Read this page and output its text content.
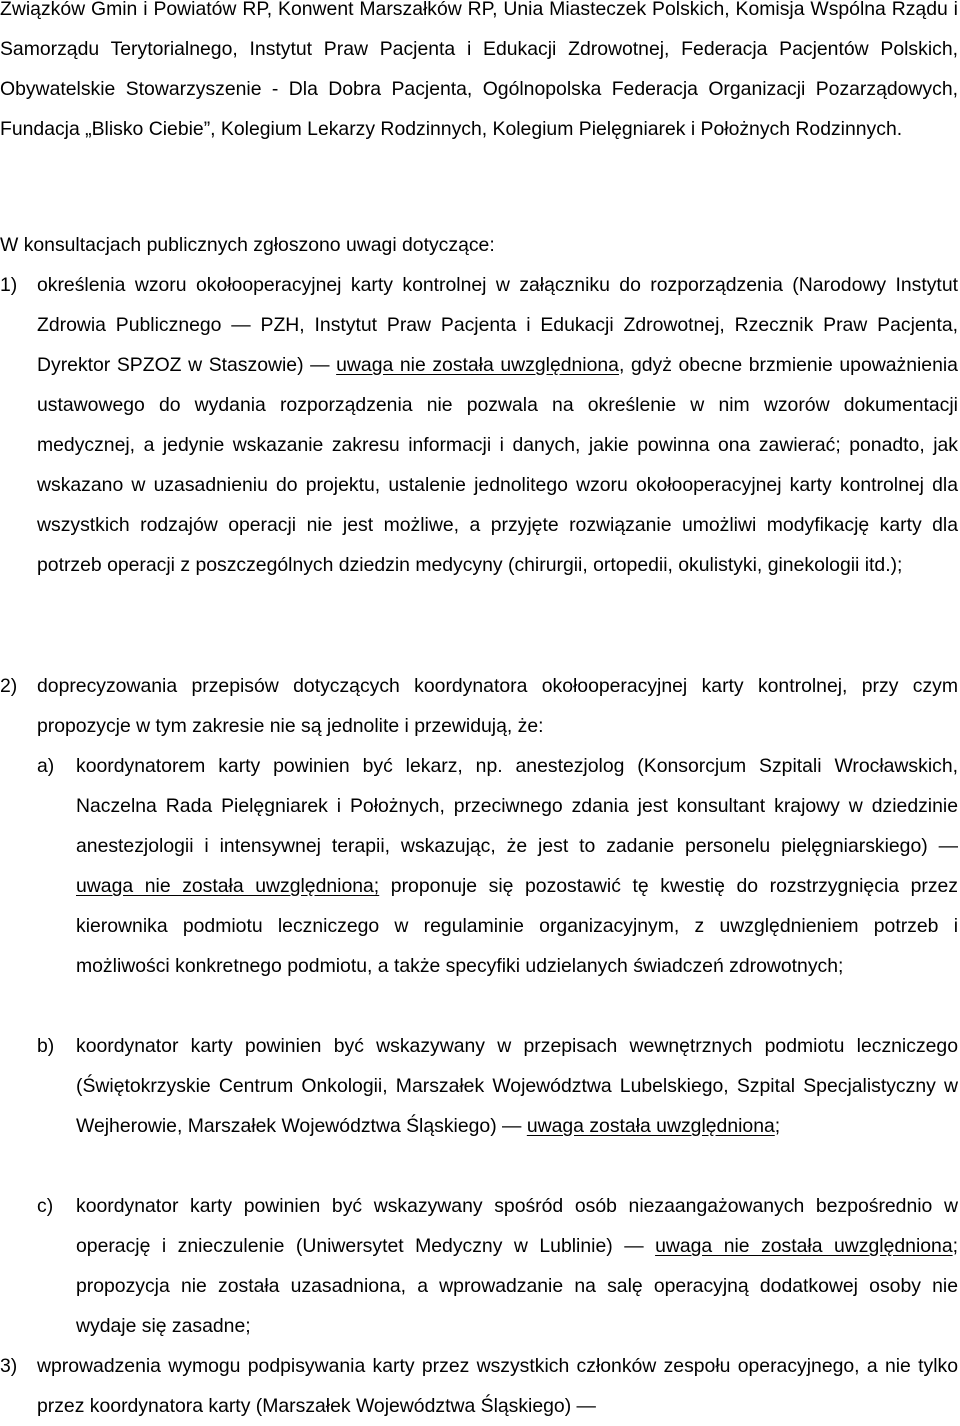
Związków Gmin i Powiatów RP, Konwent Marszałków RP, Unia Miasteczek Polskich, Komisja Wspólna Rządu i Samorządu Terytorialnego, Instytut Praw Pacjenta i Edukacji Zdrowotnej, Federacja Pacjentów Polskich, Obywatelskie Stowarzyszenie - Dla Dobra Pacjenta, Ogólnopolska Federacja Organizacji Pozarządowych, Fundacja „Blisko Ciebie”, Kolegium Lekarzy Rodzinnych, Kolegium Pielęgniarek i Położnych Rodzinnych.

W konsultacjach publicznych zgłoszono uwagi dotyczące:

1) określenia wzoru okołooperacyjnej karty kontrolnej w załączniku do rozporządzenia (Narodowy Instytut Zdrowia Publicznego — PZH, Instytut Praw Pacjenta i Edukacji Zdrowotnej, Rzecznik Praw Pacjenta, Dyrektor SPZOZ w Staszowie) — uwaga nie została uwzględniona, gdyż obecne brzmienie upoważnienia ustawowego do wydania rozporządzenia nie pozwala na określenie w nim wzorów dokumentacji medycznej, a jedynie wskazanie zakresu informacji i danych, jakie powinna ona zawierać; ponadto, jak wskazano w uzasadnieniu do projektu, ustalenie jednolitego wzoru okołooperacyjnej karty kontrolnej dla wszystkich rodzajów operacji nie jest możliwe, a przyjęte rozwiązanie umożliwi modyfikację karty dla potrzeb operacji z poszczególnych dziedzin medycyny (chirurgii, ortopedii, okulistyki, ginekologii itd.);
2) doprecyzowania przepisów dotyczących koordynatora okołooperacyjnej karty kontrolnej, przy czym propozycje w tym zakresie nie są jednolite i przewidują, że:
a) koordynatorem karty powinien być lekarz, np. anestezjolog (Konsorcjum Szpitali Wrocławskich, Naczelna Rada Pielęgniarek i Położnych, przeciwnego zdania jest konsultant krajowy w dziedzinie anestezjologii i intensywnej terapii, wskazując, że jest to zadanie personelu pielęgniarskiego) — uwaga nie została uwzględniona; proponuje się pozostawić tę kwestię do rozstrzygnięcia przez kierownika podmiotu leczniczego w regulaminie organizacyjnym, z uwzględnieniem potrzeb i możliwości konkretnego podmiotu, a także specyfiki udzielanych świadczeń zdrowotnych;
b) koordynator karty powinien być wskazywany w przepisach wewnętrznych podmiotu leczniczego (Świętokrzyskie Centrum Onkologii, Marszałek Województwa Lubelskiego, Szpital Specjalistyczny w Wejherowie, Marszałek Województwa Śląskiego) — uwaga została uwzględniona;
c) koordynator karty powinien być wskazywany spośród osób niezaangażowanych bezpośrednio w operację i znieczulenie (Uniwersytet Medyczny w Lublinie) — uwaga nie została uwzględniona; propozycja nie została uzasadniona, a wprowadzanie na salę operacyjną dodatkowej osoby nie wydaje się zasadne;
3) wprowadzenia wymogu podpisywania karty przez wszystkich członków zespołu operacyjnego, a nie tylko przez koordynatora karty (Marszałek Województwa Śląskiego) —
